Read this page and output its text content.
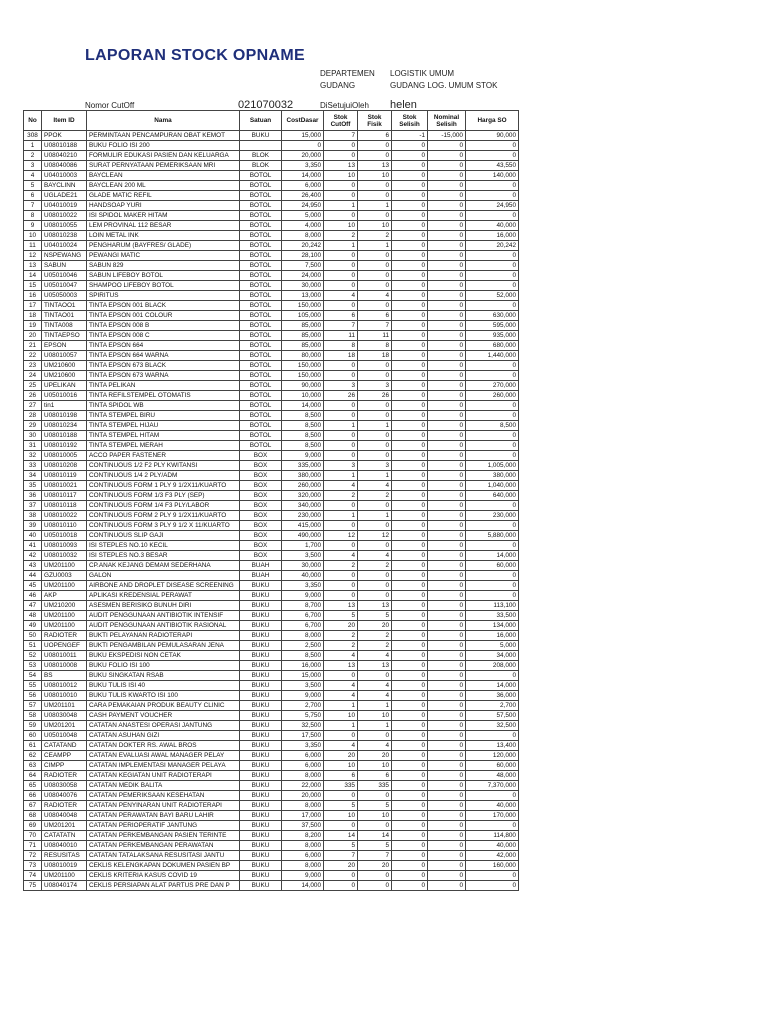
LAPORAN STOCK OPNAME
DEPARTEMEN LOGISTIK UMUM
GUDANG	GUDANG LOG. UMUM STOK
Nomor CutOff	021070032	DiSetujuiOleh helen
No	Item ID	Nama	Satuan	CostDasar	Stok CutOff	Stok Fisik	Stok Selisih	Nominal Selisih	Harga SO
308	PPOK	PERMINTAAN PENCAMPURAN OBAT KEMOT	BUKU	15,000	7	6	-1	-15,000	90,000
1	U08010188	BUKU FOLIO ISI 200		0	0	0	0	0	0
2	U08040210	FORMULIR EDUKASI PASIEN DAN KELUARGA	BLOK	20,000	0	0	0	0	0
3	U08040086	SURAT PERNYATAAN PEMERIKSAAN MRI	BLOK	3,350	13	13	0	0	43,550
4	U04010003	BAYCLEAN	BOTOL	14,000	10	10	0	0	140,000
5	BAYCLINN	BAYCLEAN 200 ML	BOTOL	6,000	0	0	0	0	0
6	UGLADE21	GLADE MATIC REFIL	BOTOL	26,400	0	0	0	0	0
7	U04010019	HANDSOAP YURI	BOTOL	24,950	1	1	0	0	24,950
8	U08010022	ISI SPIDOL MAKER HITAM	BOTOL	5,000	0	0	0	0	0
9	U08010055	LEM PROVINAL 112 BESAR	BOTOL	4,000	10	10	0	0	40,000
10	U08010238	LOIN METAL INK	BOTOL	8,000	2	2	0	0	16,000
11	U04010024	PENGHARUM (BAYFRES/ GLADE)	BOTOL	20,242	1	1	0	0	20,242
12	NSPEWANG	PEWANGI MATIC	BOTOL	28,100	0	0	0	0	0
13	SABUN	SABUN 829	BOTOL	7,500	0	0	0	0	0
14	U05010046	SABUN LIFEBOY BOTOL	BOTOL	24,000	0	0	0	0	0
15	U05010047	SHAMPOO LIFEBOY BOTOL	BOTOL	30,000	0	0	0	0	0
16	U05050003	SPIRITUS	BOTOL	13,000	4	4	0	0	52,000
17	TINTAOO1	TINTA EPSON 001 BLACK	BOTOL	150,000	0	0	0	0	0
18	TINTAO01	TINTA EPSON 001 COLOUR	BOTOL	105,000	6	6	0	0	630,000
19	TINTA008	TINTA EPSON 008 B	BOTOL	85,000	7	7	0	0	595,000
20	TINTAEPSO	TINTA EPSON 008 C	BOTOL	85,000	11	11	0	0	935,000
21	EPSON	TINTA EPSON 664	BOTOL	85,000	8	8	0	0	680,000
22	U08010057	TINTA EPSON 664 WARNA	BOTOL	80,000	18	18	0	0	1,440,000
23	UM210600	TINTA EPSON 673 BLACK	BOTOL	150,000	0	0	0	0	0
24	UM210600	TINTA EPSON 673 WARNA	BOTOL	150,000	0	0	0	0	0
25	UPELIKAN	TINTA PELIKAN	BOTOL	90,000	3	3	0	0	270,000
26	U05010016	TINTA REFILSTEMPEL OTOMATIS	BOTOL	10,000	26	26	0	0	260,000
27	tin1	TINTA SPIDOL WB	BOTOL	14,000	0	0	0	0	0
28	U08010198	TINTA STEMPEL BIRU	BOTOL	8,500	0	0	0	0	0
29	U08010234	TINTA STEMPEL HIJAU	BOTOL	8,500	1	1	0	0	8,500
30	U08010188	TINTA STEMPEL HITAM	BOTOL	8,500	0	0	0	0	0
31	U08010192	TINTA STEMPEL MERAH	BOTOL	8,500	0	0	0	0	0
32	U08010005	ACCO PAPER FASTENER	BOX	9,000	0	0	0	0	0
33	U08010208	CONTINUOUS 1/2 F2 PLY KWITANSI	BOX	335,000	3	3	0	0	1,005,000
34	U08010119	CONTINUOUS 1/4 2 PLY/ADM	BOX	380,000	1	1	0	0	380,000
35	U08010021	CONTINUOUS FORM 1 PLY 9 1/2X11/KUARTO	BOX	260,000	4	4	0	0	1,040,000
36	U08010117	CONTINUOUS FORM 1/3 F3 PLY (SEP)	BOX	320,000	2	2	0	0	640,000
37	U08010118	CONTINUOUS FORM 1/4 F3 PLY/LABOR	BOX	340,000	0	0	0	0	0
38	U08010022	CONTINUOUS FORM 2 PLY 9 1/2X11/KUARTO	BOX	230,000	1	1	0	0	230,000
39	U08010110	CONTINUOUS FORM 3 PLY 9 1/2 X 11/KUARTO	BOX	415,000	0	0	0	0	0
40	U05010018	CONTINUOUS SLIP GAJI	BOX	490,000	12	12	0	0	5,880,000
41	U08010093	ISI STEPLES NO.10 KECIL	BOX	1,700	0	0	0	0	0
42	U08010032	ISI STEPLES NO.3 BESAR	BOX	3,500	4	4	0	0	14,000
43	UM201100	CP.ANAK KEJANG DEMAM SEDERHANA	BUAH	30,000	2	2	0	0	60,000
44	GZU0003	GALON	BUAH	40,000	0	0	0	0	0
45	UM201100	AIRBONE AND DROPLET DISEASE SCREENING	BUKU	3,350	0	0	0	0	0
46	AKP	APLIKASI KREDENSIAL PERAWAT	BUKU	9,000	0	0	0	0	0
47	UM210200	ASESMEN BERISIKO BUNUH DIRI	BUKU	8,700	13	13	0	0	113,100
48	UM201100	AUDIT PENGGUNAAN ANTIBIOTIK INTENSIF	BUKU	6,700	5	5	0	0	33,500
49	UM201100	AUDIT PENGGUNAAN ANTIBIOTIK RASIONAL	BUKU	6,700	20	20	0	0	134,000
50	RADIOTER	BUKTI PELAYANAN RADIOTERAPI	BUKU	8,000	2	2	0	0	16,000
51	UOPENGEF	BUKTI PENGAMBILAN PEMULASARAN JENA	BUKU	2,500	2	2	0	0	5,000
52	U08010011	BUKU EKSPEDISI NON CETAK	BUKU	8,500	4	4	0	0	34,000
53	U08010008	BUKU FOLIO ISI 100	BUKU	16,000	13	13	0	0	208,000
54	BS	BUKU SINGKATAN RSAB	BUKU	15,000	0	0	0	0	0
55	U08010012	BUKU TULIS ISI 40	BUKU	3,500	4	4	0	0	14,000
56	U08010010	BUKU TULIS KWARTO ISI 100	BUKU	9,000	4	4	0	0	36,000
57	UM201101	CARA PEMAKAIAN PRODUK BEAUTY CLINIC	BUKU	2,700	1	1	0	0	2,700
58	U08030048	CASH PAYMENT VOUCHER	BUKU	5,750	10	10	0	0	57,500
59	UM201201	CATATAN ANASTESI OPERASI JANTUNG	BUKU	32,500	1	1	0	0	32,500
60	U05010048	CATATAN ASUHAN GIZI	BUKU	17,500	0	0	0	0	0
61	CATATAND	CATATAN DOKTER RS. AWAL BROS	BUKU	3,350	4	4	0	0	13,400
62	CEAMPP	CATATAN EVALUASI AWAL MANAGER PELAY	BUKU	6,000	20	20	0	0	120,000
63	CIMPP	CATATAN IMPLEMENTASI MANAGER PELAYA	BUKU	6,000	10	10	0	0	60,000
64	RADIOTER	CATATAN KEGIATAN UNIT RADIOTERAPI	BUKU	8,000	6	6	0	0	48,000
65	U08030058	CATATAN MEDIK BALITA	BUKU	22,000	335	335	0	0	7,370,000
66	U08040076	CATATAN PEMERIKSAAN KESEHATAN	BUKU	20,000	0	0	0	0	0
67	RADIOTER	CATATAN PENYINARAN UNIT RADIOTERAPI	BUKU	8,000	5	5	0	0	40,000
68	U08040048	CATATAN PERAWATAN BAYI BARU LAHIR	BUKU	17,000	10	10	0	0	170,000
69	UM201201	CATATAN PERIOPERATIF JANTUNG	BUKU	37,500	0	0	0	0	0
70	CATATATN	CATATAN PERKEMBANGAN PASIEN TERINTE	BUKU	8,200	14	14	0	0	114,800
71	U08040010	CATATAN PERKEMBANGAN PERAWATAN	BUKU	8,000	5	5	0	0	40,000
72	RESUSITAS	CATATAN TATALAKSANA RESUSITASI JANTU	BUKU	6,000	7	7	0	0	42,000
73	U08010019	CEKLIS KELENGKAPAN DOKUMEN PASIEN BP	BUKU	8,000	20	20	0	0	160,000
74	UM201100	CEKLIS KRITERIA KASUS COVID 19	BUKU	9,000	0	0	0	0	0
75	U08040174	CEKLIS PERSIAPAN ALAT PARTUS PRE DAN P	BUKU	14,000	0	0	0	0	0
